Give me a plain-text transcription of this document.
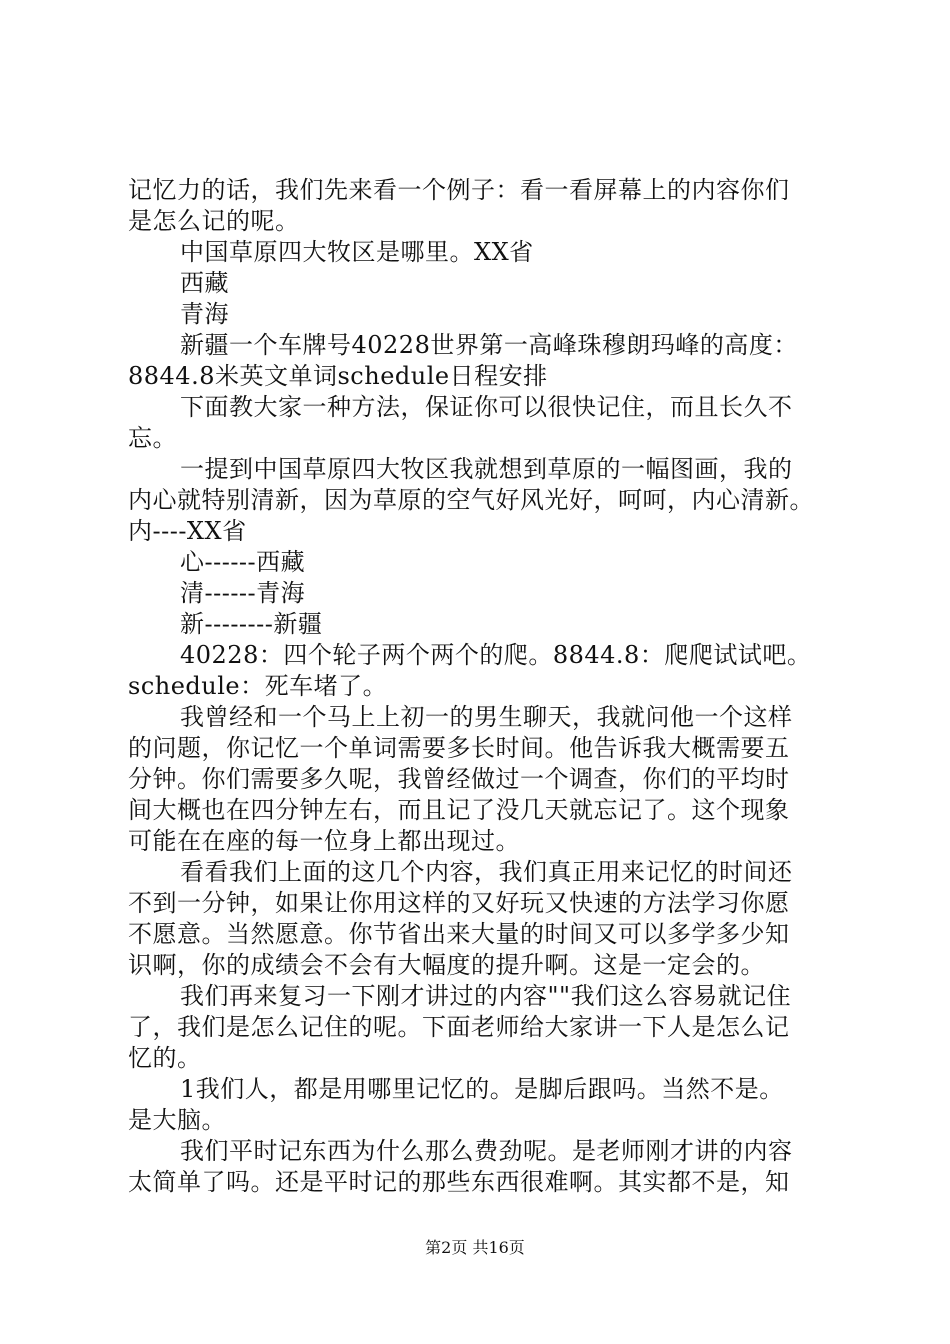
记忆力的话，我们先来看一个例子：看一看屏幕上的内容你们
是怎么记的呢。
中国草原四大牧区是哪里。XX省
西藏
青海
新疆一个车牌号40228世界第一高峰珠穆朗玛峰的高度：
8844.8米英文单词schedule日程安排
下面教大家一种方法，保证你可以很快记住，而且长久不
忘。
一提到中国草原四大牧区我就想到草原的一幅图画，我的
内心就特别清新，因为草原的空气好风光好，呵呵，内心清新。
内----XX省
心------西藏
清------青海
新--------新疆
40228：四个轮子两个两个的爬。8844.8：爬爬试试吧。
schedule：死车堵了。
我曾经和一个马上上初一的男生聊天，我就问他一个这样
的问题，你记忆一个单词需要多长时间。他告诉我大概需要五
分钟。你们需要多久呢，我曾经做过一个调查，你们的平均时
间大概也在四分钟左右，而且记了没几天就忘记了。这个现象
可能在在座的每一位身上都出现过。
看看我们上面的这几个内容，我们真正用来记忆的时间还
不到一分钟，如果让你用这样的又好玩又快速的方法学习你愿
不愿意。当然愿意。你节省出来大量的时间又可以多学多少知
识啊，你的成绩会不会有大幅度的提升啊。这是一定会的。
我们再来复习一下刚才讲过的内容""我们这么容易就记住
了，我们是怎么记住的呢。下面老师给大家讲一下人是怎么记
忆的。
1我们人，都是用哪里记忆的。是脚后跟吗。当然不是。
是大脑。
我们平时记东西为什么那么费劲呢。是老师刚才讲的内容
太简单了吗。还是平时记的那些东西很难啊。其实都不是，知
第2页 共16页
